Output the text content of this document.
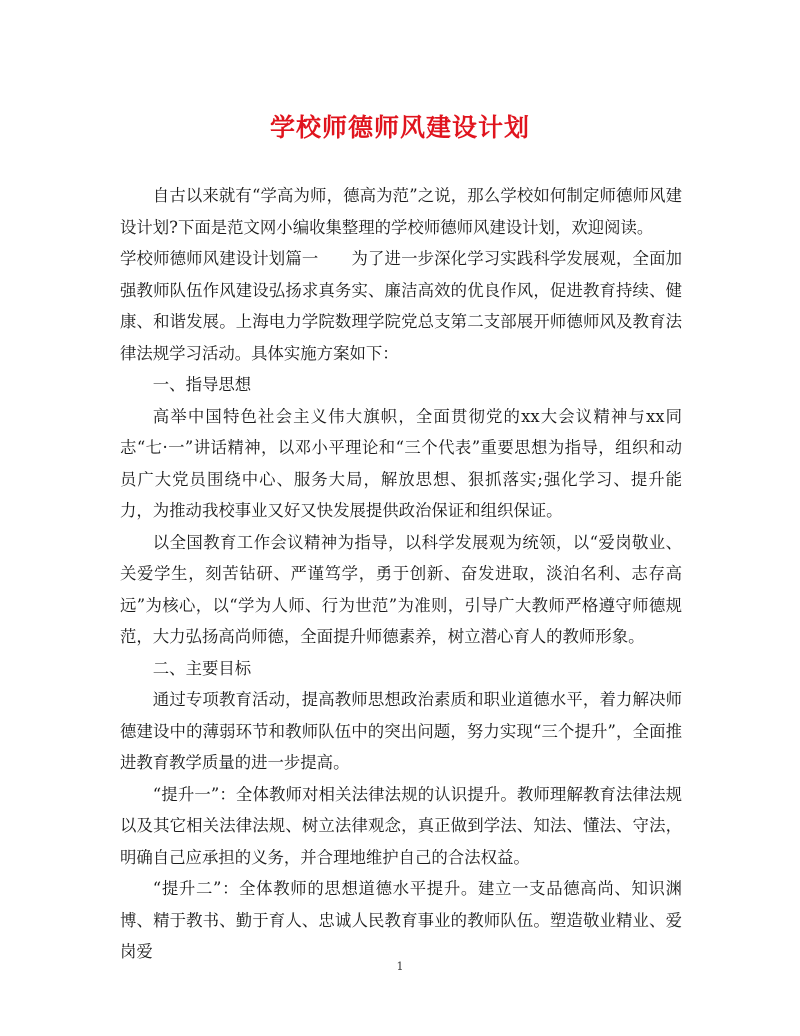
学校师德师风建设计划

自古以来就有“学高为师，德高为范”之说，那么学校如何制定师德师风建设计划?下面是范文网小编收集整理的学校师德师风建设计划，欢迎阅读。

学校师德师风建设计划篇一　　为了进一步深化学习实践科学发展观，全面加强教师队伍作风建设弘扬求真务实、廉洁高效的优良作风，促进教育持续、健康、和谐发展。上海电力学院数理学院党总支第二支部展开师德师风及教育法律法规学习活动。具体实施方案如下：

一、指导思想

高举中国特色社会主义伟大旗帜，全面贯彻党的xx大会议精神与xx同志“七·一”讲话精神，以邓小平理论和“三个代表”重要思想为指导，组织和动员广大党员围绕中心、服务大局，解放思想、狠抓落实;强化学习、提升能力，为推动我校事业又好又快发展提供政治保证和组织保证。

以全国教育工作会议精神为指导，以科学发展观为统领，以“爱岗敬业、关爱学生，刻苦钻研、严谨笃学，勇于创新、奋发进取，淡泊名利、志存高远”为核心，以“学为人师、行为世范”为准则，引导广大教师严格遵守师德规范，大力弘扬高尚师德，全面提升师德素养，树立潜心育人的教师形象。

二、主要目标

通过专项教育活动，提高教师思想政治素质和职业道德水平，着力解决师德建设中的薄弱环节和教师队伍中的突出问题，努力实现“三个提升”，全面推进教育教学质量的进一步提高。

“提升一”：全体教师对相关法律法规的认识提升。教师理解教育法律法规以及其它相关法律法规、树立法律观念，真正做到学法、知法、懂法、守法，明确自己应承担的义务，并合理地维护自己的合法权益。

“提升二”：全体教师的思想道德水平提升。建立一支品德高尚、知识渊博、精于教书、勤于育人、忠诚人民教育事业的教师队伍。塑造敬业精业、爱岗爱

1
